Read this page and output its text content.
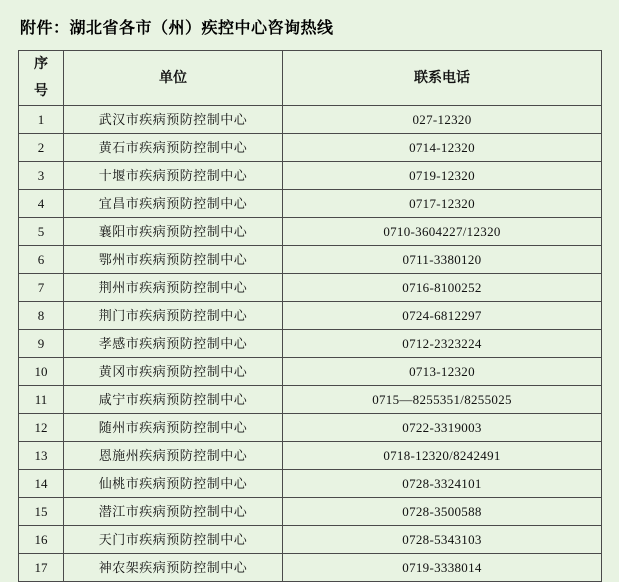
附件：湖北省各市（州）疾控中心咨询热线
序
号	单位	联系电话
1	武汉市疾病预防控制中心	027-12320
2	黄石市疾病预防控制中心	0714-12320
3	十堰市疾病预防控制中心	0719-12320
4	宜昌市疾病预防控制中心	0717-12320
5	襄阳市疾病预防控制中心	0710-3604227/12320
6	鄂州市疾病预防控制中心	0711-3380120
7	荆州市疾病预防控制中心	0716-8100252
8	荆门市疾病预防控制中心	0724-6812297
9	孝感市疾病预防控制中心	0712-2323224
10	黄冈市疾病预防控制中心	0713-12320
11	咸宁市疾病预防控制中心	0715—8255351/8255025
12	随州市疾病预防控制中心	0722-3319003
13	恩施州疾病预防控制中心	0718-12320/8242491
14	仙桃市疾病预防控制中心	0728-3324101
15	潜江市疾病预防控制中心	0728-3500588
16	天门市疾病预防控制中心	0728-5343103
17	神农架疾病预防控制中心	0719-3338014
